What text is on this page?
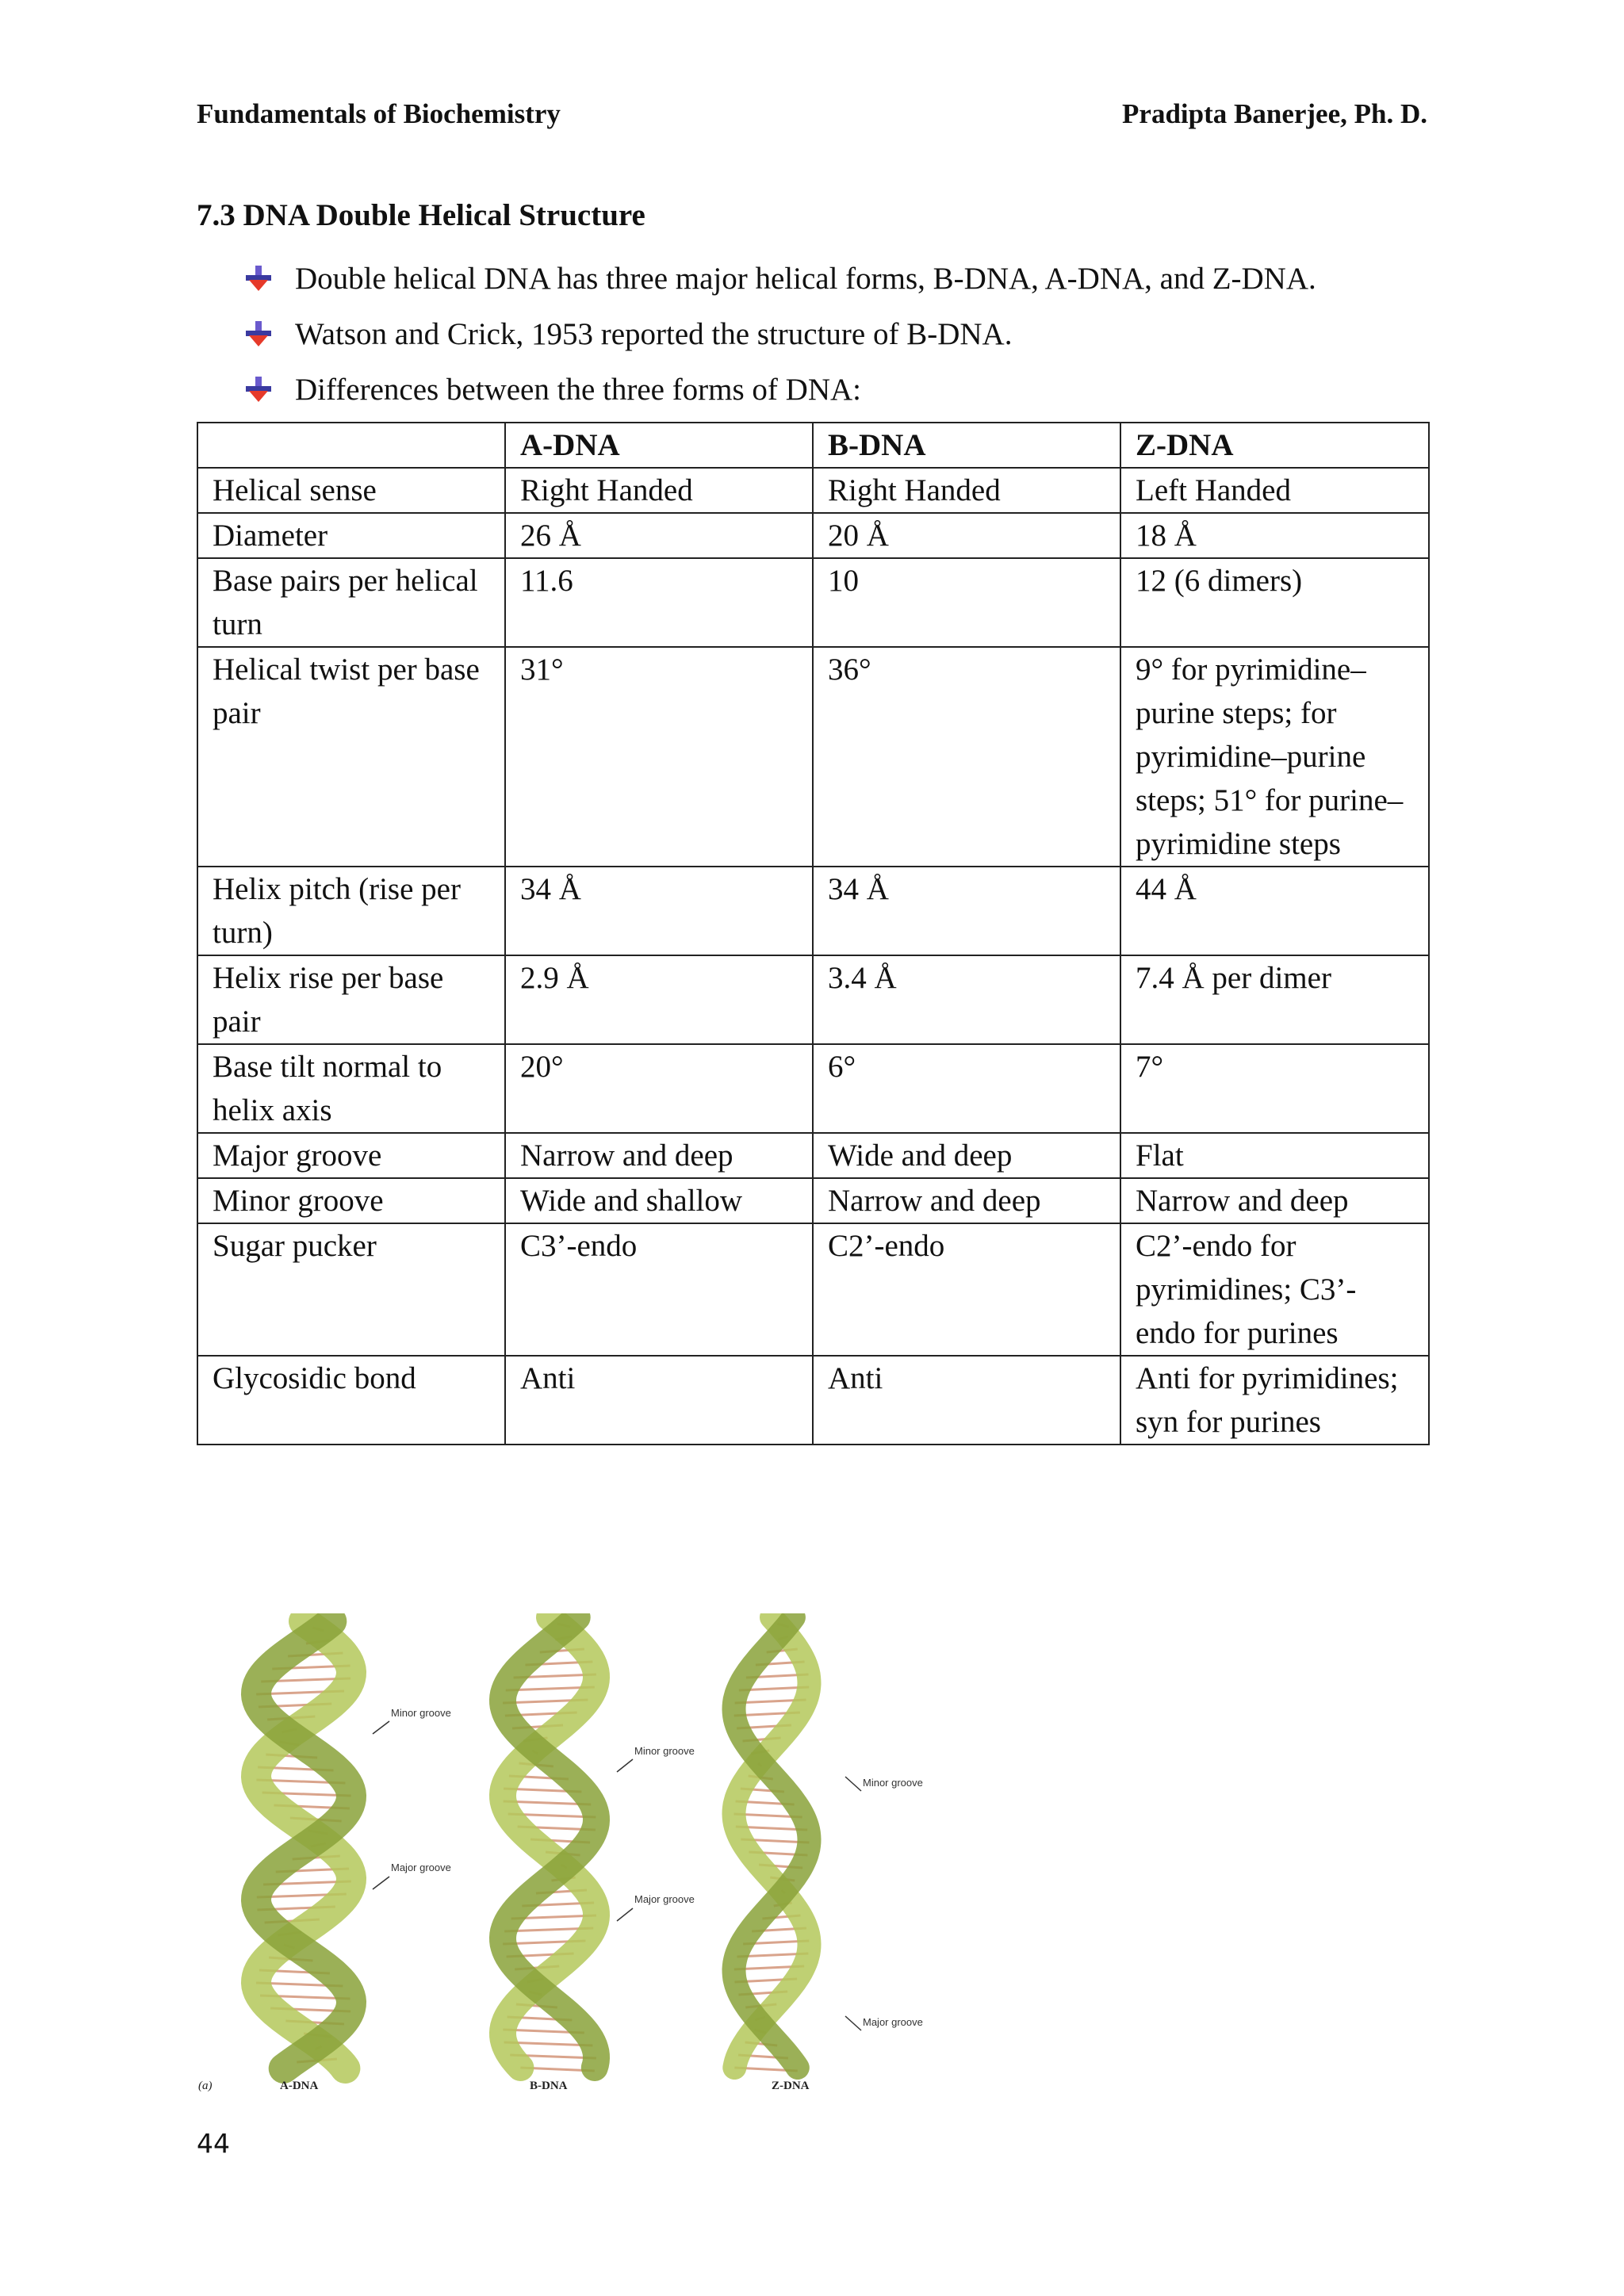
Fundamentals of Biochemistry	Pradipta Banerjee, Ph. D.
7.3 DNA Double Helical Structure
Double helical DNA has three major helical forms, B-DNA, A-DNA, and Z-DNA.
Watson and Crick, 1953 reported the structure of B-DNA.
Differences between the three forms of DNA:
	A-DNA	B-DNA	Z-DNA
Helical sense	Right Handed	Right Handed	Left Handed
Diameter	26 Å	20 Å	18 Å
Base pairs per helical turn	11.6	10	12 (6 dimers)
Helical twist per base pair	31°	36°	9° for pyrimidine–purine steps; for pyrimidine–purine steps; 51° for purine–pyrimidine steps
Helix pitch (rise per turn)	34 Å	34 Å	44 Å
Helix rise per base pair	2.9 Å	3.4 Å	7.4 Å per dimer
Base tilt normal to helix axis	20°	6°	7°
Major groove	Narrow and deep	Wide and deep	Flat
Minor groove	Wide and shallow	Narrow and deep	Narrow and deep
Sugar pucker	C3’-endo	C2’-endo	C2’-endo for pyrimidines; C3’-endo for purines
Glycosidic bond	Anti	Anti	Anti for pyrimidines; syn for purines
Minor groove
Major groove
Minor groove
Major groove
Minor groove
Major groove
(a)	A-DNA	B-DNA	Z-DNA
44
